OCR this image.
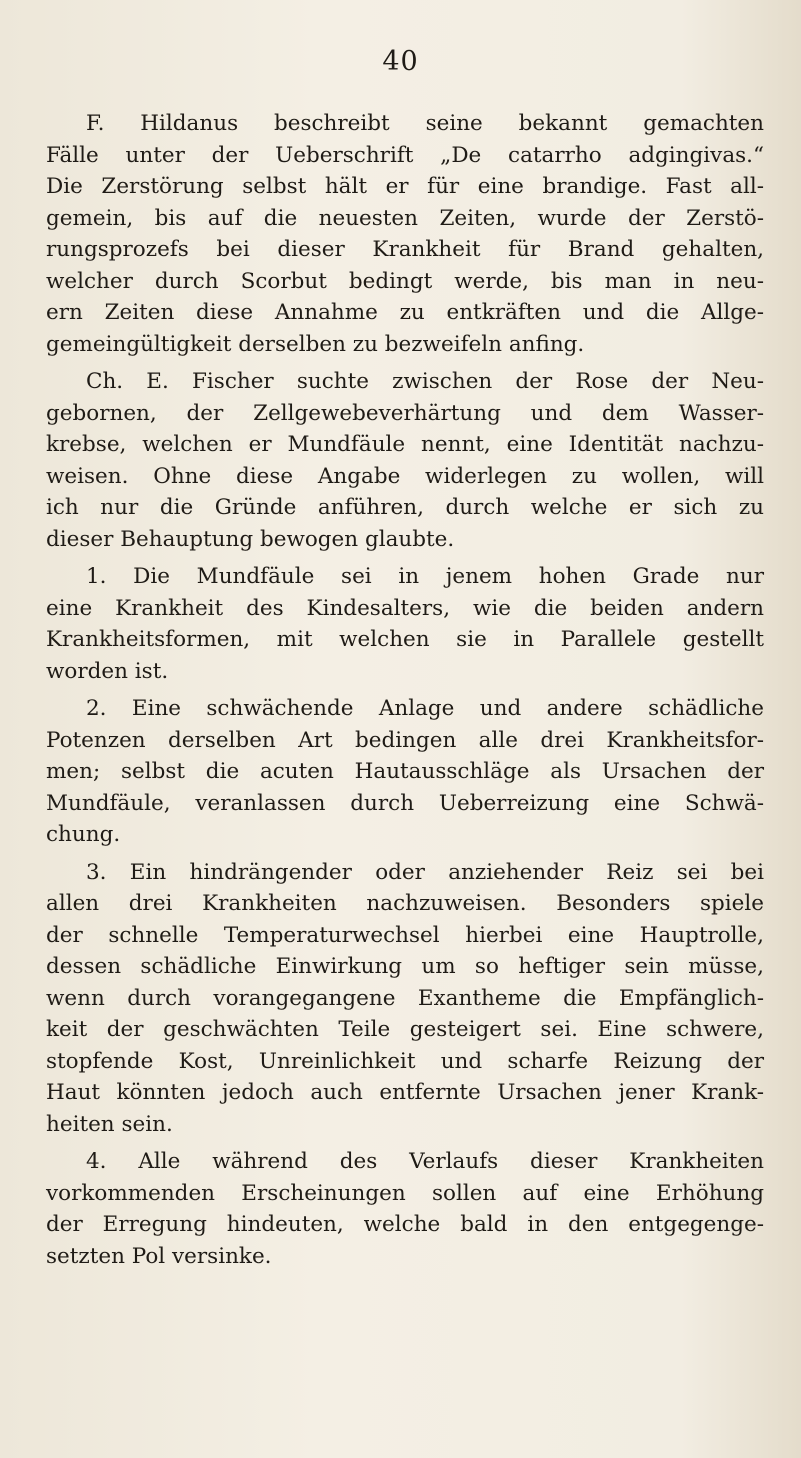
40
F. Hildanus beschreibt seine bekannt gemachten
Fälle unter der Ueberschrift „De catarrho adgingivas.“
Die Zerstörung selbst hält er für eine brandige. Fast all-
gemein, bis auf die neuesten Zeiten, wurde der Zerstö-
rungsprozefs bei dieser Krankheit für Brand gehalten,
welcher durch Scorbut bedingt werde, bis man in neu-
ern Zeiten diese Annahme zu entkräften und die Allge-
gemeingültigkeit derselben zu bezweifeln anfing.
Ch. E. Fischer suchte zwischen der Rose der Neu-
gebornen, der Zellgewebeverhärtung und dem Wasser-
krebse, welchen er Mundfäule nennt, eine Identität nachzu-
weisen. Ohne diese Angabe widerlegen zu wollen, will
ich nur die Gründe anführen, durch welche er sich zu
dieser Behauptung bewogen glaubte.
1. Die Mundfäule sei in jenem hohen Grade nur
eine Krankheit des Kindesalters, wie die beiden andern
Krankheitsformen, mit welchen sie in Parallele gestellt
worden ist.
2. Eine schwächende Anlage und andere schädliche
Potenzen derselben Art bedingen alle drei Krankheitsfor-
men; selbst die acuten Hautausschläge als Ursachen der
Mundfäule, veranlassen durch Ueberreizung eine Schwä-
chung.
3. Ein hindrängender oder anziehender Reiz sei bei
allen drei Krankheiten nachzuweisen. Besonders spiele
der schnelle Temperaturwechsel hierbei eine Hauptrolle,
dessen schädliche Einwirkung um so heftiger sein müsse,
wenn durch vorangegangene Exantheme die Empfänglich-
keit der geschwächten Teile gesteigert sei. Eine schwere,
stopfende Kost, Unreinlichkeit und scharfe Reizung der
Haut könnten jedoch auch entfernte Ursachen jener Krank-
heiten sein.
4. Alle während des Verlaufs dieser Krankheiten
vorkommenden Erscheinungen sollen auf eine Erhöhung
der Erregung hindeuten, welche bald in den entgegenge-
setzten Pol versinke.
